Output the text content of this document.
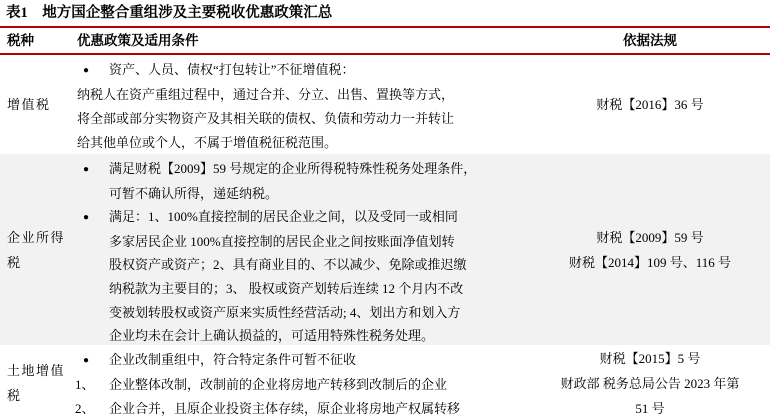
表1　地方国企整合重组涉及主要税收优惠政策汇总
税种	优惠政策及适用条件	依据法规
增值税
● 资产、人员、债权“打包转让”不征增值税：
纳税人在资产重组过程中，通过合并、分立、出售、置换等方式，
将全部或部分实物资产及其相关联的债权、负债和劳动力一并转让
给其他单位或个人，不属于增值税征税范围。
财税【2016】36 号
企业所得税
● 满足财税【2009】59 号规定的企业所得税特殊性税务处理条件，
可暂不确认所得，递延纳税。
● 满足：1、100%直接控制的居民企业之间，以及受同一或相同
多家居民企业 100%直接控制的居民企业之间按账面净值划转
股权资产或资产；2、具有商业目的、不以减少、免除或推迟缴
纳税款为主要目的；3、 股权或资产划转后连续 12 个月内不改
变被划转股权或资产原来实质性经营活动; 4、划出方和划入方
企业均未在会计上确认损益的，可适用特殊性税务处理。
财税【2009】59 号
财税【2014】109 号、116 号
土地增值税
● 企业改制重组中，符合特定条件可暂不征收
1、 企业整体改制，改制前的企业将房地产转移到改制后的企业
2、 企业合并，且原企业投资主体存续，原企业将房地产权属转移
财税【2015】5 号
财政部 税务总局公告 2023 年第
51 号
